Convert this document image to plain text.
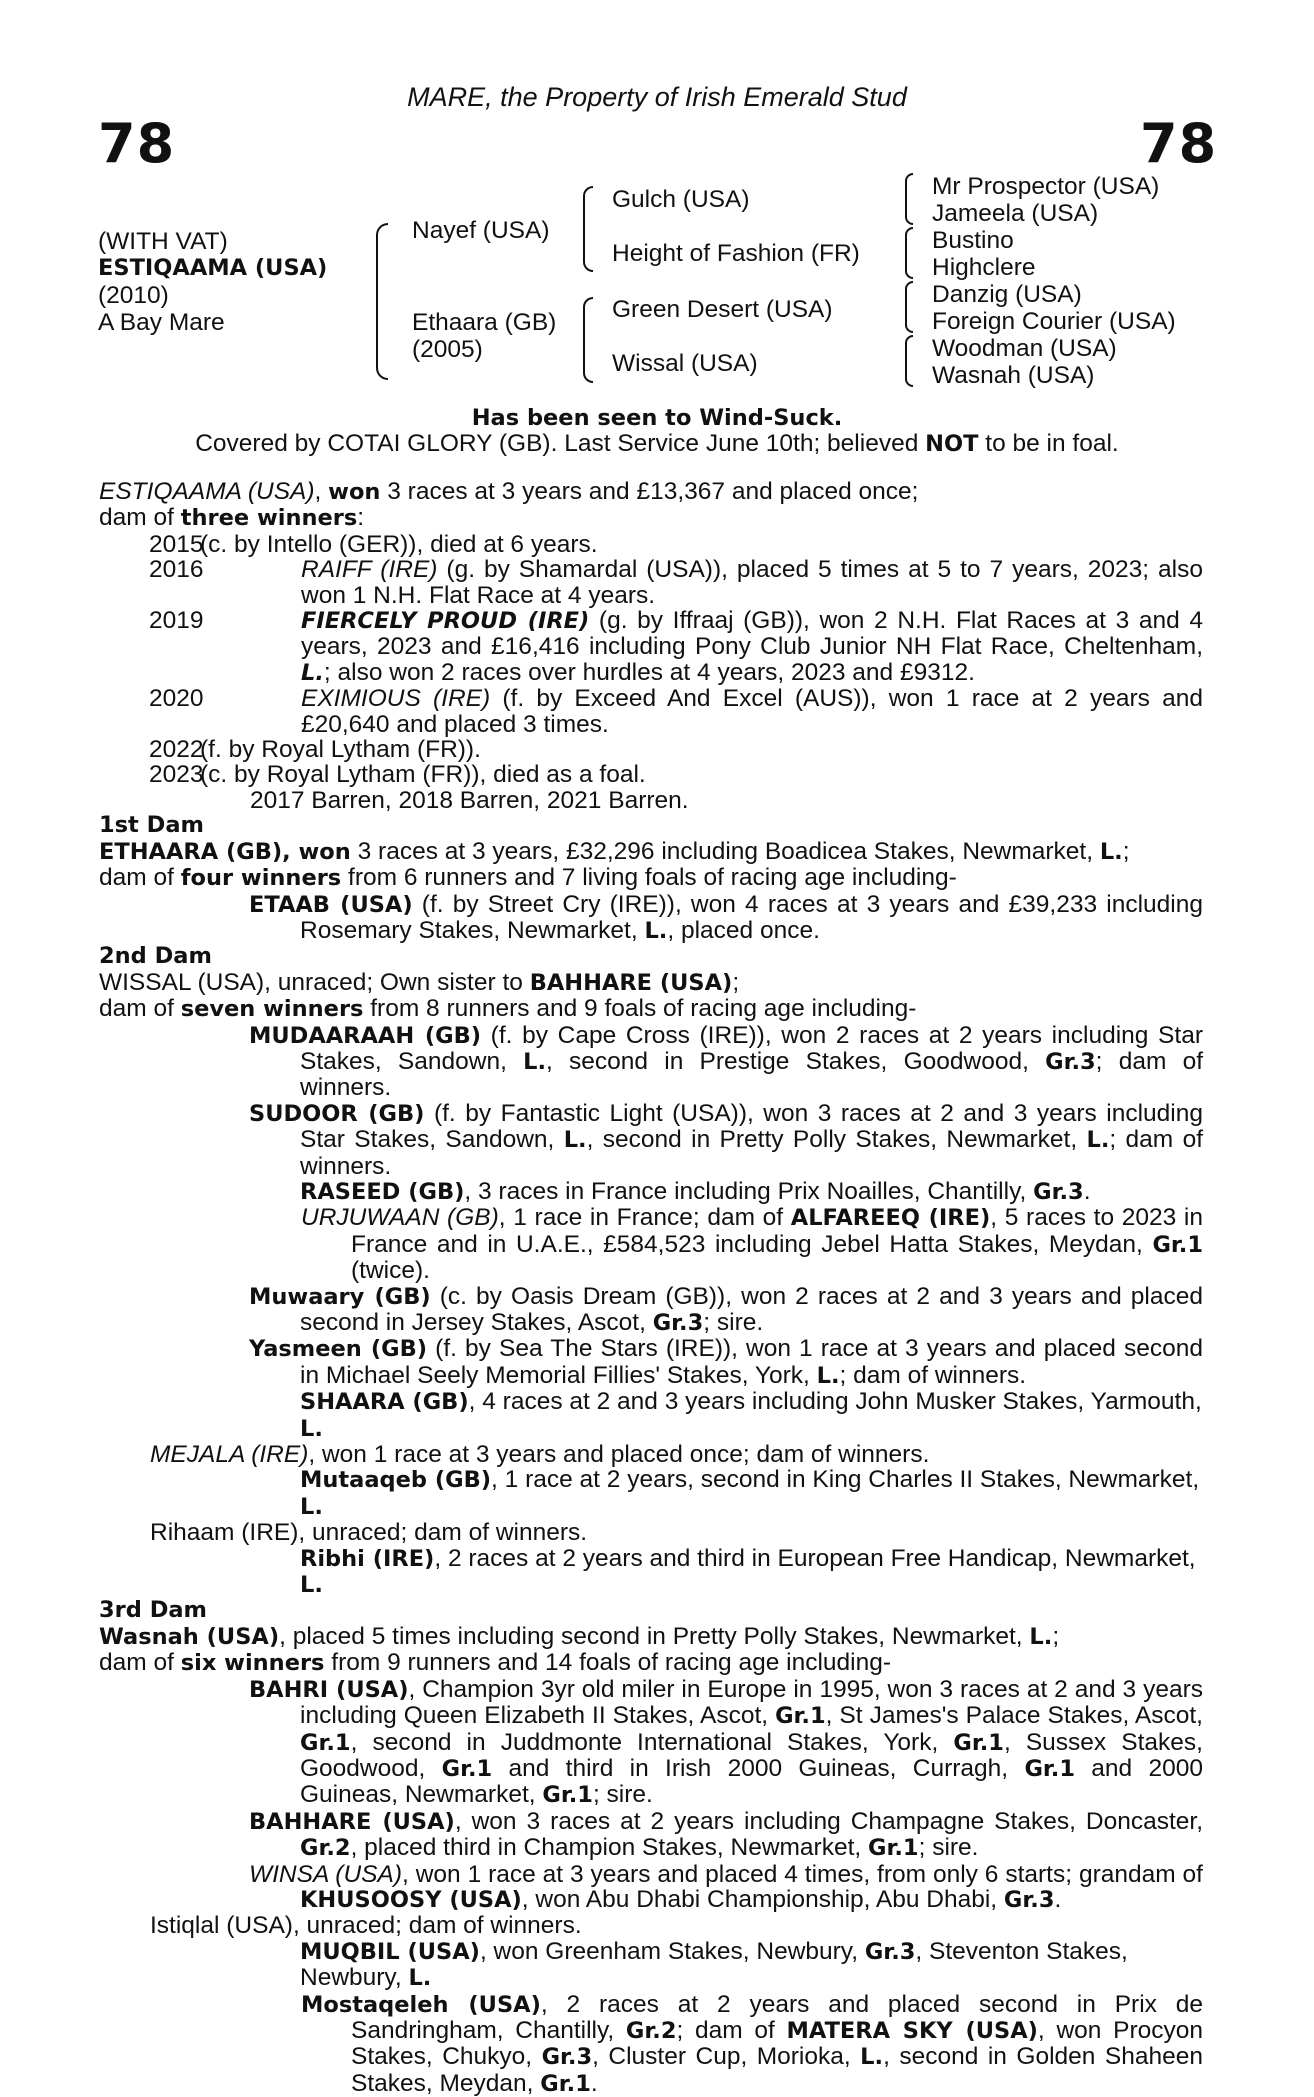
78	78
MARE, the Property of Irish Emerald Stud
(WITH VAT)
ESTIQAAMA (USA)
(2010)
A Bay Mare
Nayef (USA)
Ethaara (GB)
(2005)
Gulch (USA)
Height of Fashion (FR)
Green Desert (USA)
Wissal (USA)
Mr Prospector (USA)
Jameela (USA)
Bustino
Highclere
Danzig (USA)
Foreign Courier (USA)
Woodman (USA)
Wasnah (USA)
Has been seen to Wind-Suck.
Covered by COTAI GLORY (GB). Last Service June 10th; believed NOT to be in foal.

ESTIQAAMA (USA), won 3 races at 3 years and £13,367 and placed once;

dam of three winners:

2015(c. by Intello (GER)), died at 6 years.

2016	RAIFF (IRE) (g. by Shamardal (USA)), placed 5 times at 5 to 7 years, 2023; also won 1 N.H. Flat Race at 4 years.

2019	FIERCELY PROUD (IRE) (g. by Iffraaj (GB)), won 2 N.H. Flat Races at 3 and 4 years, 2023 and £16,416 including Pony Club Junior NH Flat Race, Cheltenham, L.; also won 2 races over hurdles at 4 years, 2023 and £9312.

2020	EXIMIOUS (IRE) (f. by Exceed And Excel (AUS)), won 1 race at 2 years and £20,640 and placed 3 times.

2022(f. by Royal Lytham (FR)).

2023(c. by Royal Lytham (FR)), died as a foal.

2017 Barren, 2018 Barren, 2021 Barren.

1st Dam

ETHAARA (GB), won 3 races at 3 years, £32,296 including Boadicea Stakes, Newmarket, L.;

dam of four winners from 6 runners and 7 living foals of racing age including-

ETAAB (USA) (f. by Street Cry (IRE)), won 4 races at 3 years and £39,233 including Rosemary Stakes, Newmarket, L., placed once.

2nd Dam

WISSAL (USA), unraced; Own sister to BAHHARE (USA);

dam of seven winners from 8 runners and 9 foals of racing age including-

MUDAARAAH (GB) (f. by Cape Cross (IRE)), won 2 races at 2 years including Star Stakes, Sandown, L., second in Prestige Stakes, Goodwood, Gr.3; dam of winners.

SUDOOR (GB) (f. by Fantastic Light (USA)), won 3 races at 2 and 3 years including Star Stakes, Sandown, L., second in Pretty Polly Stakes, Newmarket, L.; dam of winners.

RASEED (GB), 3 races in France including Prix Noailles, Chantilly, Gr.3.

URJUWAAN (GB), 1 race in France; dam of ALFAREEQ (IRE), 5 races to 2023 in France and in U.A.E., £584,523 including Jebel Hatta Stakes, Meydan, Gr.1 (twice).

Muwaary (GB) (c. by Oasis Dream (GB)), won 2 races at 2 and 3 years and placed second in Jersey Stakes, Ascot, Gr.3; sire.

Yasmeen (GB) (f. by Sea The Stars (IRE)), won 1 race at 3 years and placed second in Michael Seely Memorial Fillies' Stakes, York, L.; dam of winners.

SHAARA (GB), 4 races at 2 and 3 years including John Musker Stakes, Yarmouth, L.

MEJALA (IRE), won 1 race at 3 years and placed once; dam of winners.

Mutaaqeb (GB), 1 race at 2 years, second in King Charles II Stakes, Newmarket, L.

Rihaam (IRE), unraced; dam of winners.

Ribhi (IRE), 2 races at 2 years and third in European Free Handicap, Newmarket, L.

3rd Dam

Wasnah (USA), placed 5 times including second in Pretty Polly Stakes, Newmarket, L.;

dam of six winners from 9 runners and 14 foals of racing age including-

BAHRI (USA), Champion 3yr old miler in Europe in 1995, won 3 races at 2 and 3 years including Queen Elizabeth II Stakes, Ascot, Gr.1, St James's Palace Stakes, Ascot, Gr.1, second in Juddmonte International Stakes, York, Gr.1, Sussex Stakes, Goodwood, Gr.1 and third in Irish 2000 Guineas, Curragh, Gr.1 and 2000 Guineas, Newmarket, Gr.1; sire.

BAHHARE (USA), won 3 races at 2 years including Champagne Stakes, Doncaster, Gr.2, placed third in Champion Stakes, Newmarket, Gr.1; sire.

WINSA (USA), won 1 race at 3 years and placed 4 times, from only 6 starts; grandam of KHUSOOSY (USA), won Abu Dhabi Championship, Abu Dhabi, Gr.3.

Istiqlal (USA), unraced; dam of winners.

MUQBIL (USA), won Greenham Stakes, Newbury, Gr.3, Steventon Stakes, Newbury, L.

Mostaqeleh (USA), 2 races at 2 years and placed second in Prix de Sandringham, Chantilly, Gr.2; dam of MATERA SKY (USA), won Procyon Stakes, Chukyo, Gr.3, Cluster Cup, Morioka, L., second in Golden Shaheen Stakes, Meydan, Gr.1.
